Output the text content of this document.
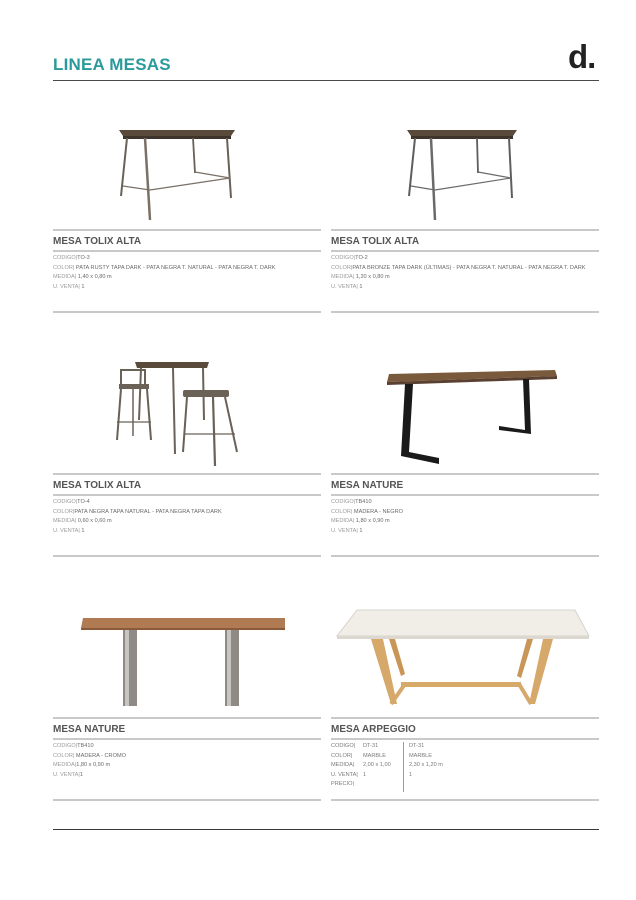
LINEA MESAS	d.
MESA TOLIX ALTA
CODIGO|TO-3
COLOR| PATA RUSTY TAPA DARK - PATA NEGRA T. NATURAL - PATA NEGRA T. DARK
MEDIDA| 1,40 x 0,80 m
U. VENTA| 1
MESA TOLIX ALTA
CODIGO|TO-2
COLOR|PATA BRONZE TAPA DARK (ÚLTIMAS) - PATA NEGRA T. NATURAL - PATA NEGRA T. DARK
MEDIDA| 1,20 x 0,80 m
U. VENTA| 1
MESA TOLIX ALTA
CODIGO|TO-4
COLOR|PATA NEGRA TAPA NATURAL - PATA NEGRA TAPA DARK
MEDIDA| 0,60 x 0,60 m
U. VENTA| 1
MESA NATURE
CODIGO|TB410
COLOR| MADERA - NEGRO
MEDIDA| 1,80 x 0,90 m
U. VENTA| 1
MESA NATURE
CODIGO|TB410
COLOR| MADERA - CROMO
MEDIDA|1,80 x 0,90 m
U. VENTA|1
MESA ARPEGGIO
CODIGO|
COLOR|
MEDIDA|
U. VENTA|
PRECIO|
DT-31
MARBLE
2,00 x 1,00
1
DT-31
MARBLE
2,30 x 1,20 m
1
